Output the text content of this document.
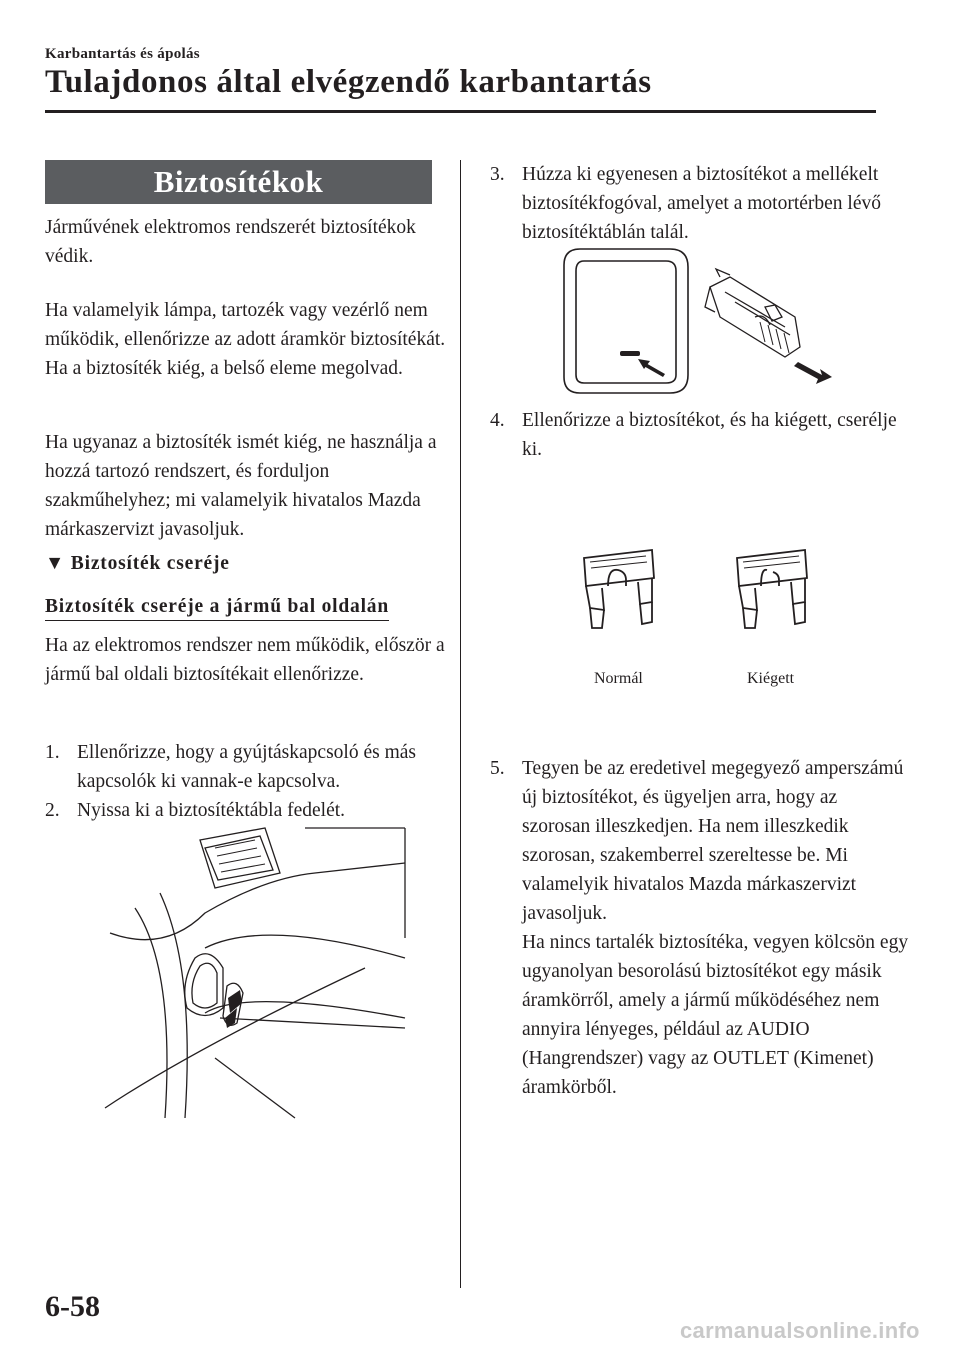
Karbantartás és ápolás
Tulajdonos által elvégzendő karbantartás
Biztosítékok
Járművének elektromos rendszerét biztosítékok védik.
Ha valamelyik lámpa, tartozék vagy vezérlő nem működik, ellenőrizze az adott áramkör biztosítékát. Ha a biztosíték kiég, a belső eleme megolvad.
Ha ugyanaz a biztosíték ismét kiég, ne használja a hozzá tartozó rendszert, és forduljon szakműhelyhez; mi valamelyik hivatalos Mazda márkaszervizt javasoljuk.
▼ Biztosíték cseréje
Biztosíték cseréje a jármű bal oldalán
Ha az elektromos rendszer nem működik, először a jármű bal oldali biztosítékait ellenőrizze.
1. Ellenőrizze, hogy a gyújtáskapcsoló és más kapcsolók ki vannak-e kapcsolva.
2. Nyissa ki a biztosítéktábla fedelét.
3. Húzza ki egyenesen a biztosítékot a mellékelt biztosítékfogóval, amelyet a motortérben lévő biztosítéktáblán talál.
4. Ellenőrizze a biztosítékot, és ha kiégett, cserélje ki.
Normál	Kiégett
5. Tegyen be az eredetivel megegyező amperszámú új biztosítékot, és ügyeljen arra, hogy az szorosan illeszkedjen. Ha nem illeszkedik szorosan, szakemberrel szereltesse be. Mi valamelyik hivatalos Mazda márkaszervizt javasoljuk.
Ha nincs tartalék biztosítéka, vegyen kölcsön egy ugyanolyan besorolású biztosítékot egy másik áramkörről, amely a jármű működéséhez nem annyira lényeges, például az AUDIO (Hangrendszer) vagy az OUTLET (Kimenet) áramkörből.
6-58
carmanualsonline.info
